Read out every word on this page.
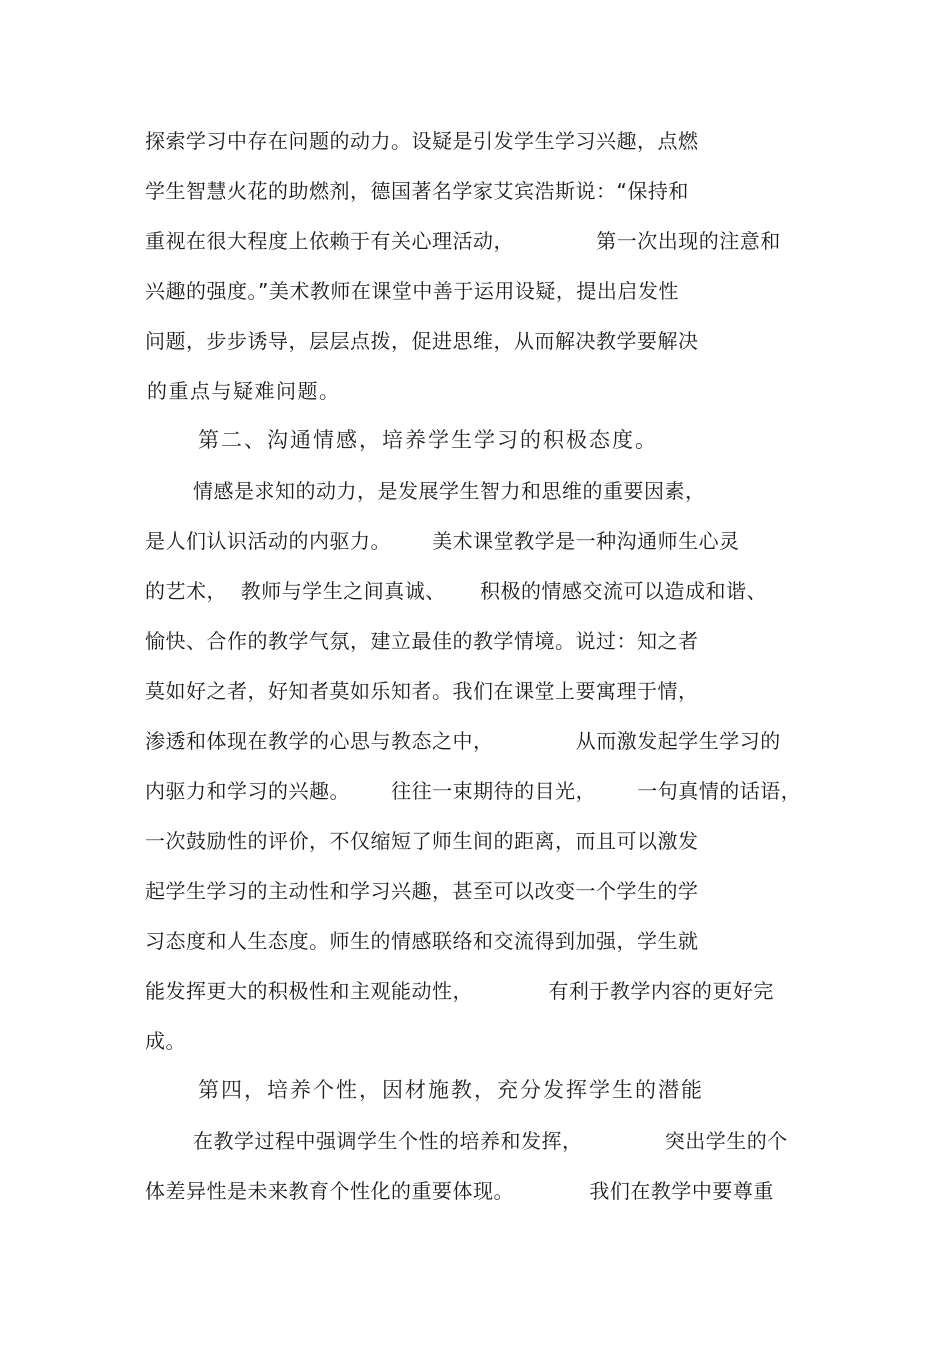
探索学习中存在问题的动力。设疑是引发学生学习兴趣，点燃
学生智慧火花的助燃剂，德国著名学家艾宾浩斯说：“保持和
重视在很大程度上依赖于有关心理活动，            第一次出现的注意和
兴趣的强度。”美术教师在课堂中善于运用设疑，提出启发性
问题，步步诱导，层层点拨，促进思维，从而解决教学要解决
的重点与疑难问题。
第二、沟通情感，培养学生学习的积极态度。
情感是求知的动力，是发展学生智力和思维的重要因素，
是人们认识活动的内驱力。      美术课堂教学是一种沟通师生心灵
的艺术，  教师与学生之间真诚、     积极的情感交流可以造成和谐、
愉快、合作的教学气氛，建立最佳的教学情境。说过：知之者
莫如好之者，好知者莫如乐知者。我们在课堂上要寓理于情，
渗透和体现在教学的心思与教态之中，            从而激发起学生学习的
内驱力和学习的兴趣。      往往一束期待的目光，      一句真情的话语，
一次鼓励性的评价，不仅缩短了师生间的距离，而且可以激发
起学生学习的主动性和学习兴趣，甚至可以改变一个学生的学
习态度和人生态度。师生的情感联络和交流得到加强，学生就
能发挥更大的积极性和主观能动性，           有利于教学内容的更好完
成。
第四，培养个性，因材施教，充分发挥学生的潜能
在教学过程中强调学生个性的培养和发挥，            突出学生的个
体差异性是未来教育个性化的重要体现。           我们在教学中要尊重
